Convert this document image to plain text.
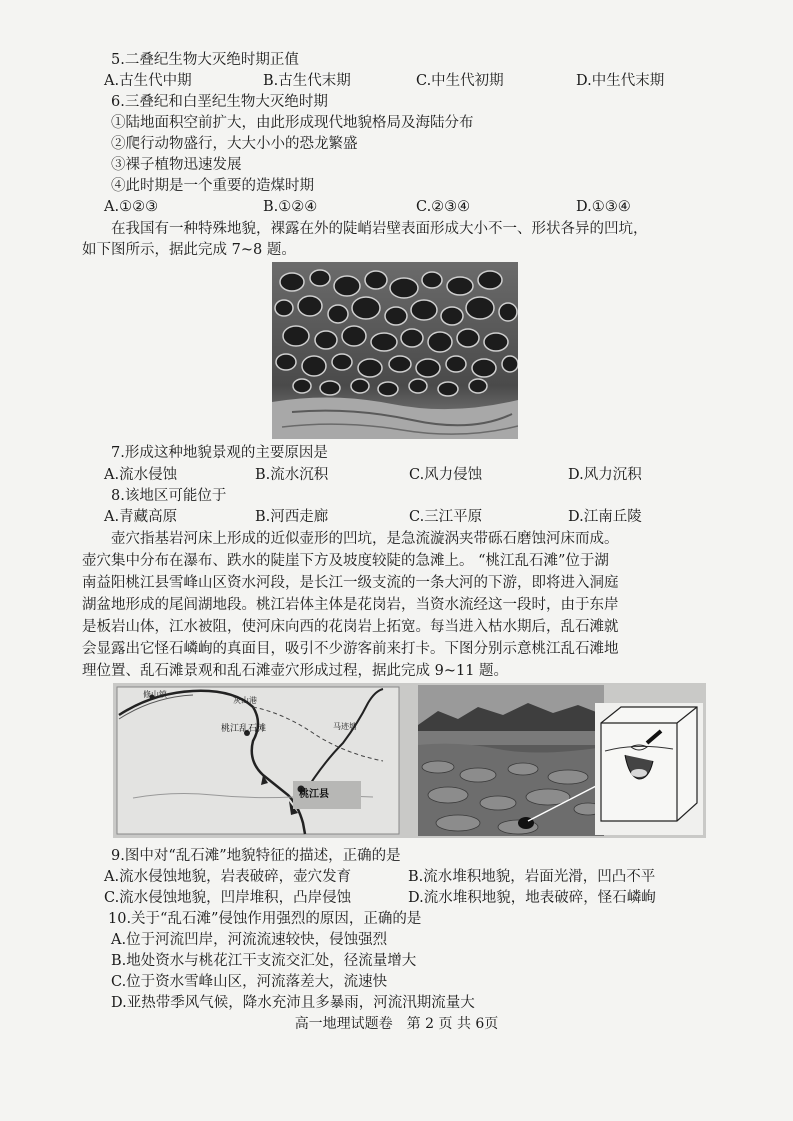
5.二叠纪生物大灭绝时期正值
A.古生代中期	B.古生代末期	C.中生代初期	D.中生代末期
6.三叠纪和白垩纪生物大灭绝时期
①陆地面积空前扩大，由此形成现代地貌格局及海陆分布
②爬行动物盛行，大大小小的恐龙繁盛
③裸子植物迅速发展
④此时期是一个重要的造煤时期
A.①②③	B.①②④	C.②③④	D.①③④
在我国有一种特殊地貌，裸露在外的陡峭岩壁表面形成大小不一、形状各异的凹坑，
如下图所示，据此完成 7~8 题。
7.形成这种地貌景观的主要原因是
A.流水侵蚀	B.流水沉积	C.风力侵蚀	D.风力沉积
8.该地区可能位于
A.青藏高原	B.河西走廊	C.三江平原	D.江南丘陵
壶穴指基岩河床上形成的近似壶形的凹坑，是急流漩涡夹带砾石磨蚀河床而成。
壶穴集中分布在瀑布、跌水的陡崖下方及坡度较陡的急滩上。 “桃江乱石滩”位于湖
南益阳桃江县雪峰山区资水河段，是长江一级支流的一条大河的下游，即将进入洞庭
湖盆地形成的尾闾湖地段。桃江岩体主体是花岗岩，当资水流经这一段时，由于东岸
是板岩山体，江水被阻，使河床向西的花岗岩上拓宽。每当进入枯水期后，乱石滩就
会显露出它怪石嶙峋的真面目，吸引不少游客前来打卡。下图分别示意桃江乱石滩地
理位置、乱石滩景观和乱石滩壶穴形成过程，据此完成 9~11 题。
修山镇
灰山港
马迹塘
桃江乱石滩
桃江县
9.图中对“乱石滩”地貌特征的描述，正确的是
A.流水侵蚀地貌，岩表破碎，壶穴发育	B.流水堆积地貌，岩面光滑，凹凸不平
C.流水侵蚀地貌，凹岸堆积，凸岸侵蚀	D.流水堆积地貌，地表破碎，怪石嶙峋
10.关于“乱石滩”侵蚀作用强烈的原因，正确的是
A.位于河流凹岸，河流流速较快，侵蚀强烈
B.地处资水与桃花江干支流交汇处，径流量增大
C.位于资水雪峰山区，河流落差大，流速快
D.亚热带季风气候，降水充沛且多暴雨，河流汛期流量大
高一地理试题卷　第 2 页 共 6页
